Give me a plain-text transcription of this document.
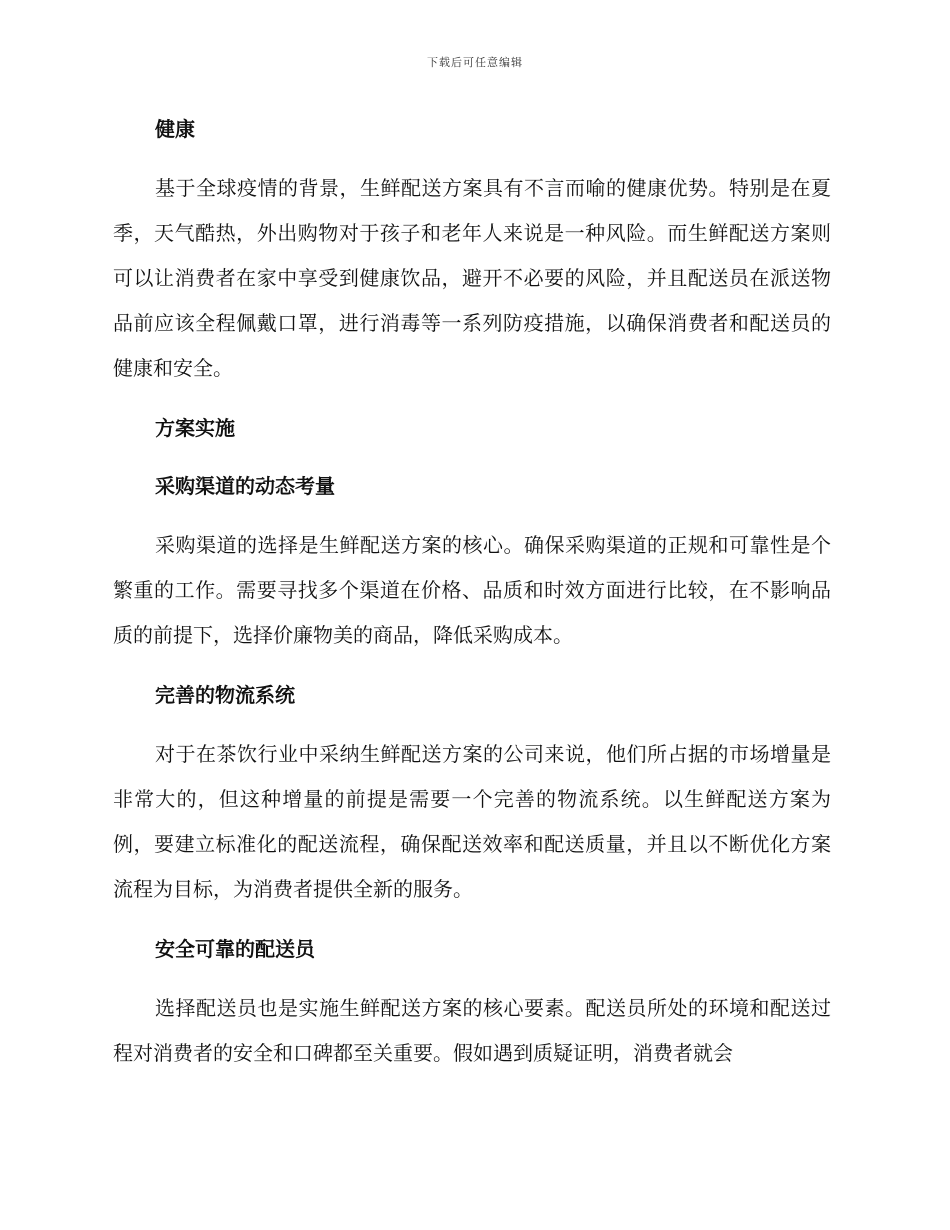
下载后可任意编辑
健康

基于全球疫情的背景，生鲜配送方案具有不言而喻的健康优势。特别是在夏季，天气酷热，外出购物对于孩子和老年人来说是一种风险。而生鲜配送方案则可以让消费者在家中享受到健康饮品，避开不必要的风险，并且配送员在派送物品前应该全程佩戴口罩，进行消毒等一系列防疫措施，以确保消费者和配送员的健康和安全。

方案实施
采购渠道的动态考量

采购渠道的选择是生鲜配送方案的核心。确保采购渠道的正规和可靠性是个繁重的工作。需要寻找多个渠道在价格、品质和时效方面进行比较，在不影响品质的前提下，选择价廉物美的商品，降低采购成本。

完善的物流系统

对于在茶饮行业中采纳生鲜配送方案的公司来说，他们所占据的市场增量是非常大的，但这种增量的前提是需要一个完善的物流系统。以生鲜配送方案为例，要建立标准化的配送流程，确保配送效率和配送质量，并且以不断优化方案流程为目标，为消费者提供全新的服务。

安全可靠的配送员

选择配送员也是实施生鲜配送方案的核心要素。配送员所处的环境和配送过程对消费者的安全和口碑都至关重要。假如遇到质疑证明，消费者就会
